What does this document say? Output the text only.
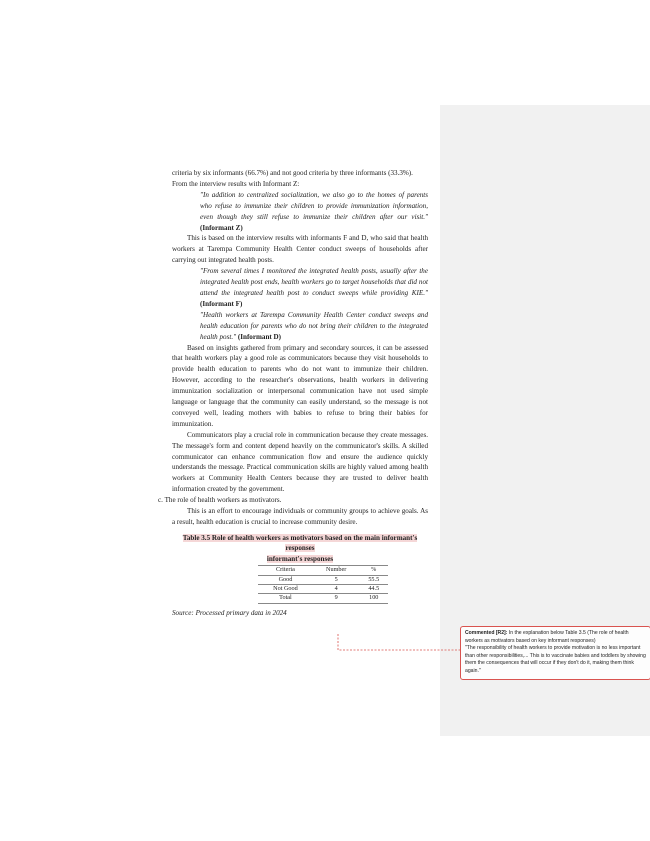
criteria by six informants (66.7%) and not good criteria by three informants (33.3%).

From the interview results with Informant Z:

"In addition to centralized socialization, we also go to the homes of parents who refuse to immunize their children to provide immunization information, even though they still refuse to immunize their children after our visit." (Informant Z)

This is based on the interview results with informants F and D, who said that health workers at Tarempa Community Health Center conduct sweeps of households after carrying out integrated health posts.

"From several times I monitored the integrated health posts, usually after the integrated health post ends, health workers go to target households that did not attend the integrated health post to conduct sweeps while providing KIE." (Informant F)

"Health workers at Tarempa Community Health Center conduct sweeps and health education for parents who do not bring their children to the integrated health post." (Informant D)

Based on insights gathered from primary and secondary sources, it can be assessed that health workers play a good role as communicators because they visit households to provide health education to parents who do not want to immunize their children. However, according to the researcher's observations, health workers in delivering immunization socialization or interpersonal communication have not used simple language or language that the community can easily understand, so the message is not conveyed well, leading mothers with babies to refuse to bring their babies for immunization.

Communicators play a crucial role in communication because they create messages. The message's form and content depend heavily on the communicator's skills. A skilled communicator can enhance communication flow and ensure the audience quickly understands the message. Practical communication skills are highly valued among health workers at Community Health Centers because they are trusted to deliver health information created by the government.

c. The role of health workers as motivators.

This is an effort to encourage individuals or community groups to achieve goals. As a result, health education is crucial to increase community desire.

Table 3.5 Role of health workers as motivators based on the main informant's responses
informant's responses

Criteria	Number	%
Good	5	55.5
Not Good	4	44.5
Total	9	100

Source: Processed primary data in 2024

Commented [R2]: In the explanation below Table 3.5 (The role of health workers as motivators based on key informant responses)

"The responsibility of health workers to provide motivation is no less important than other responsibilities,... This is to vaccinate babies and toddlers by showing them the consequences that will occur if they don't do it, making them think again."
